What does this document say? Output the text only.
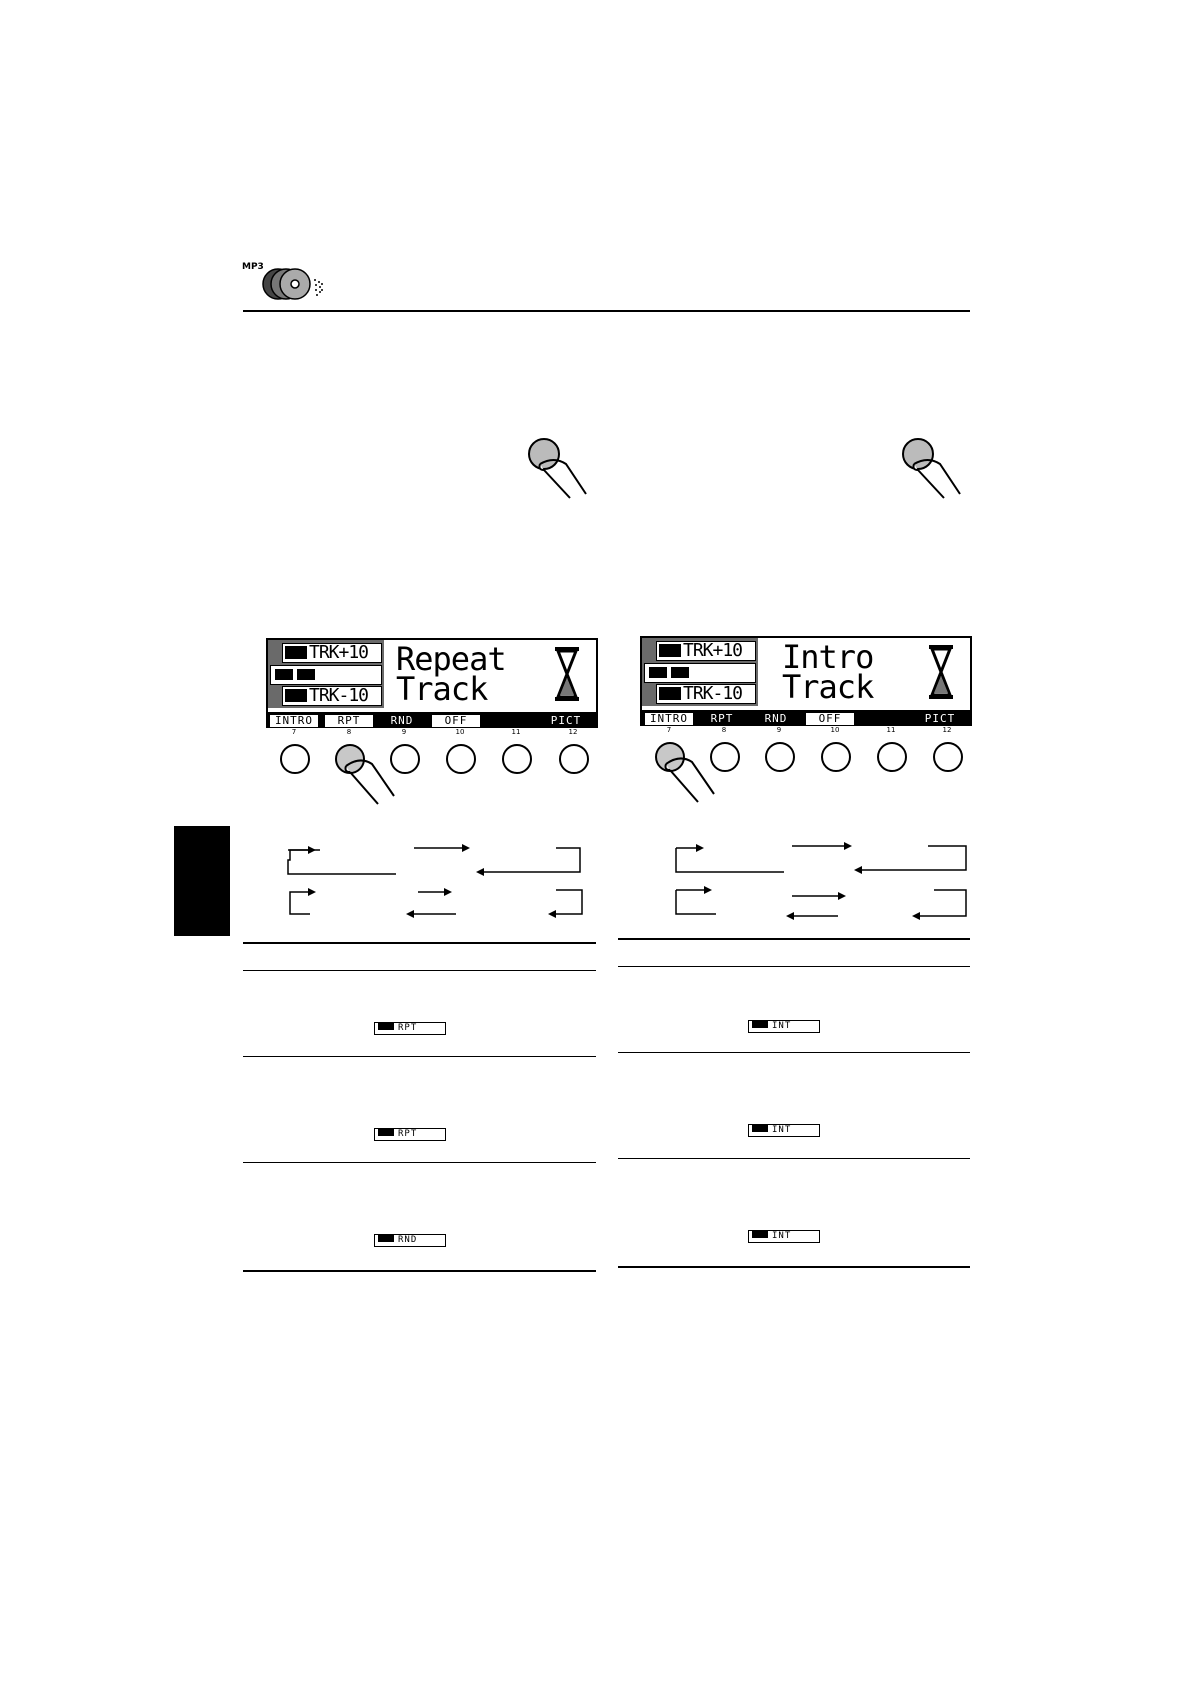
MP3
TRK+10
TRK-10
Repeat
Track
INTRO	RPT	RND	OFF	PICT
7	8	9	10	11	12
RPT
RPT
RND
TRK+10
TRK-10
Intro
Track
INTRO	RPT	RND	OFF	PICT
7	8	9	10	11	12
INT
INT
INT
